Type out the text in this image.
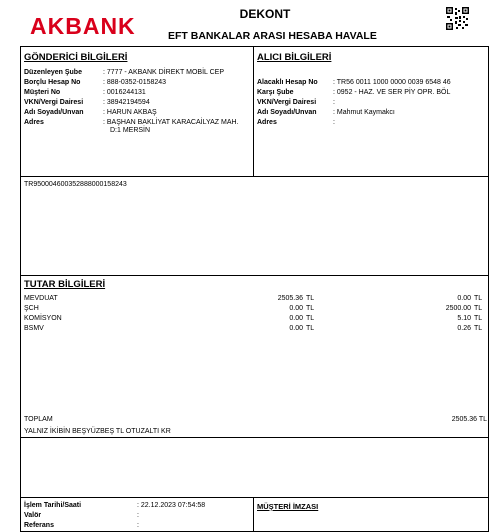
AKBANK	DEKONT
EFT BANKALAR ARASI HESABA HAVALE
GÖNDERİCİ BİLGİLERİ
Düzenleyen Şube	: 7777 - AKBANK DİREKT MOBİL CEP
Borçlu Hesap No	: 888-0352-0158243
Müşteri No	: 0016244131
VKN/Vergi Dairesi	: 38942194594
Adı Soyadı/Unvan	: HARUN AKBAŞ
Adres	: BAŞHAN BAKLİYAT KARACAİLYAZ MAH.
D:1 MERSİN
ALICI BİLGİLERİ
Alacaklı Hesap No : TR56 0011 1000 0000 0039 6548 46
Karşı Şube	: 0952 - HAZ. VE SER PİY OPR. BÖL
VKN/Vergi Dairesi :
Adı Soyadı/Unvan : Mahmut Kaymakcı
Adres	:
TR950004600352888000158243
TUTAR BİLGİLERİ
MEVDUAT	2505.36 TL	0.00 TL
ŞCH	0.00 TL	2500.00 TL
KOMİSYON	0.00 TL	5.10 TL
BSMV	0.00 TL	0.26 TL
TOPLAM	2505.36 TL
YALNIZ İKİBİN BEŞYÜZBEŞ TL OTUZALTI KR
İşlem Tarihi/Saati	: 22.12.2023 07:54:58
Valör	:
Referans	:
MÜŞTERİ İMZASI
